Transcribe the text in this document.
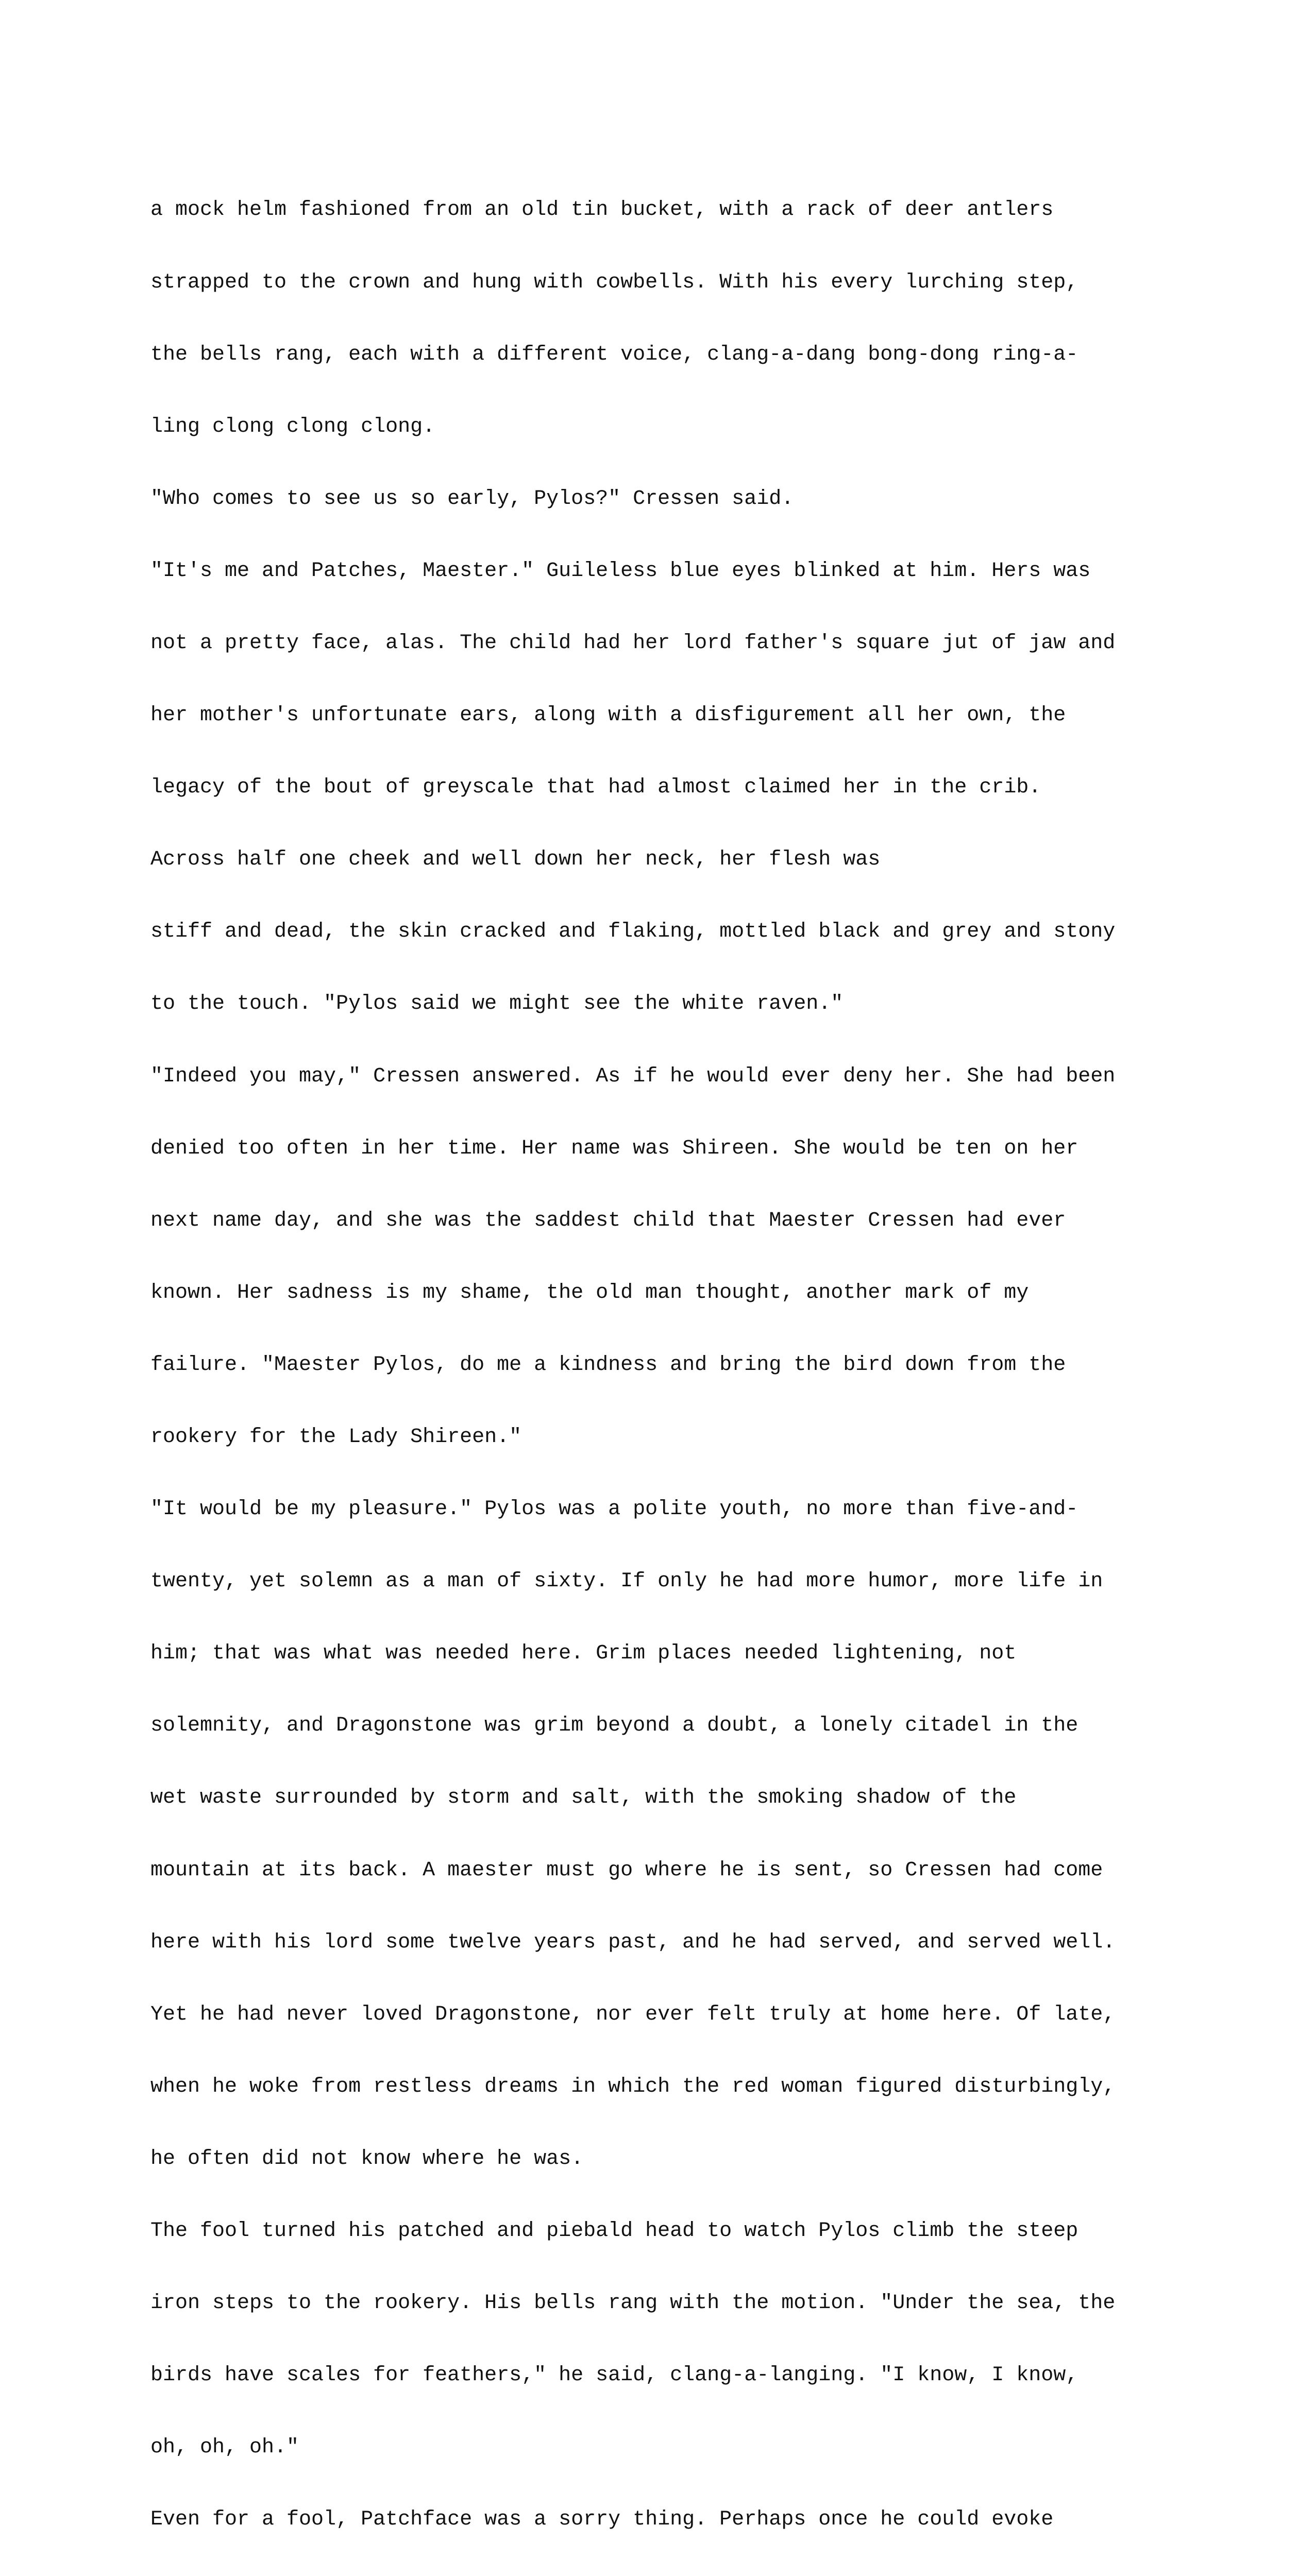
a mock helm fashioned from an old tin bucket, with a rack of deer antlers

strapped to the crown and hung with cowbells. With his every lurching step,

the bells rang, each with a different voice, clang-a-dang bong-dong ring-a-

ling clong clong clong.

"Who comes to see us so early, Pylos?" Cressen said.

"It's me and Patches, Maester." Guileless blue eyes blinked at him. Hers was

not a pretty face, alas. The child had her lord father's square jut of jaw and

her mother's unfortunate ears, along with a disfigurement all her own, the

legacy of the bout of greyscale that had almost claimed her in the crib.

Across half one cheek and well down her neck, her flesh was

stiff and dead, the skin cracked and flaking, mottled black and grey and stony

to the touch. "Pylos said we might see the white raven."

"Indeed you may," Cressen answered. As if he would ever deny her. She had been

denied too often in her time. Her name was Shireen. She would be ten on her

next name day, and she was the saddest child that Maester Cressen had ever

known. Her sadness is my shame, the old man thought, another mark of my

failure. "Maester Pylos, do me a kindness and bring the bird down from the

rookery for the Lady Shireen."

"It would be my pleasure." Pylos was a polite youth, no more than five-and-

twenty, yet solemn as a man of sixty. If only he had more humor, more life in

him; that was what was needed here. Grim places needed lightening, not

solemnity, and Dragonstone was grim beyond a doubt, a lonely citadel in the

wet waste surrounded by storm and salt, with the smoking shadow of the

mountain at its back. A maester must go where he is sent, so Cressen had come

here with his lord some twelve years past, and he had served, and served well.

Yet he had never loved Dragonstone, nor ever felt truly at home here. Of late,

when he woke from restless dreams in which the red woman figured disturbingly,

he often did not know where he was.

The fool turned his patched and piebald head to watch Pylos climb the steep

iron steps to the rookery. His bells rang with the motion. "Under the sea, the

birds have scales for feathers," he said, clang-a-langing. "I know, I know,

oh, oh, oh."

Even for a fool, Patchface was a sorry thing. Perhaps once he could evoke
